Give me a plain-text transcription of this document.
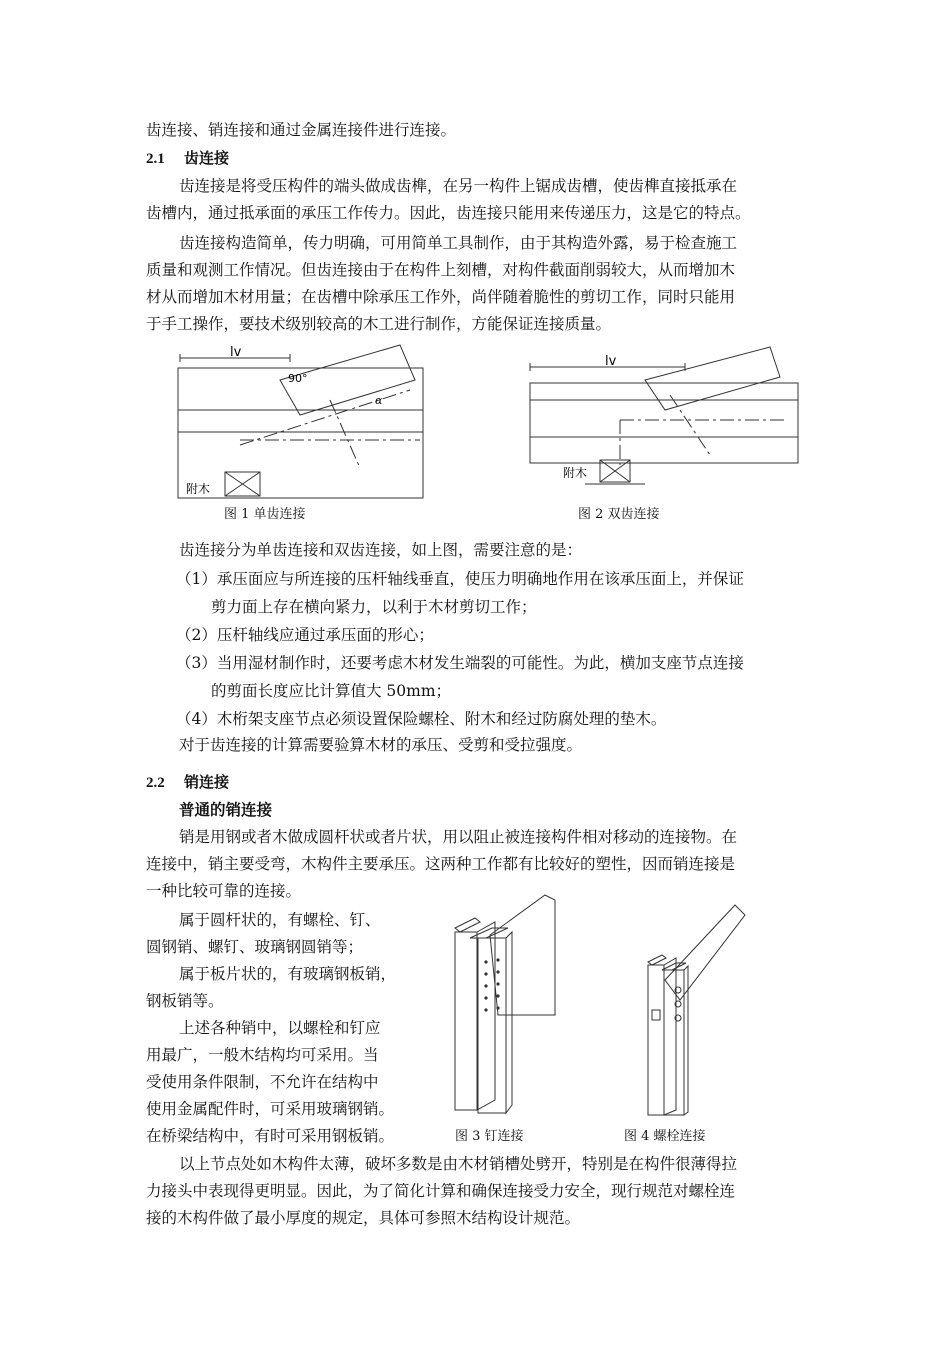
齿连接、销连接和通过金属连接件进行连接。
2.1 齿连接
齿连接是将受压构件的端头做成齿榫，在另一构件上锯成齿槽，使齿榫直接抵承在
齿槽内，通过抵承面的承压工作传力。因此，齿连接只能用来传递压力，这是它的特点。
齿连接构造简单，传力明确，可用简单工具制作，由于其构造外露，易于检查施工
质量和观测工作情况。但齿连接由于在构件上刻槽，对构件截面削弱较大，从而增加木
材从而增加木材用量；在齿槽中除承压工作外，尚伴随着脆性的剪切工作，同时只能用
于手工操作，要技术级别较高的木工进行制作，方能保证连接质量。
lv
90°
α
附木
图 1 单齿连接
lv
附木
图 2 双齿连接
齿连接分为单齿连接和双齿连接，如上图，需要注意的是：
（1）承压面应与所连接的压杆轴线垂直，使压力明确地作用在该承压面上，并保证
剪力面上存在横向紧力，以利于木材剪切工作；
（2）压杆轴线应通过承压面的形心；
（3）当用湿材制作时，还要考虑木材发生端裂的可能性。为此，横加支座节点连接
的剪面长度应比计算值大 50mm；
（4）木桁架支座节点必须设置保险螺栓、附木和经过防腐处理的垫木。
对于齿连接的计算需要验算木材的承压、受剪和受拉强度。
2.2 销连接
普通的销连接
销是用钢或者木做成圆杆状或者片状，用以阻止被连接构件相对移动的连接物。在
连接中，销主要受弯，木构件主要承压。这两种工作都有比较好的塑性，因而销连接是
一种比较可靠的连接。
属于圆杆状的，有螺栓、钉、
圆钢销、螺钉、玻璃钢圆销等；
属于板片状的，有玻璃钢板销，
钢板销等。
上述各种销中，以螺栓和钉应
用最广，一般木结构均可采用。当
受使用条件限制，不允许在结构中
使用金属配件时，可采用玻璃钢销。
在桥梁结构中，有时可采用钢板销。	图 3 钉连接	图 4 螺栓连接
以上节点处如木构件太薄，破坏多数是由木材销槽处劈开，特别是在构件很薄得拉
力接头中表现得更明显。因此，为了简化计算和确保连接受力安全，现行规范对螺栓连
接的木构件做了最小厚度的规定，具体可参照木结构设计规范。
